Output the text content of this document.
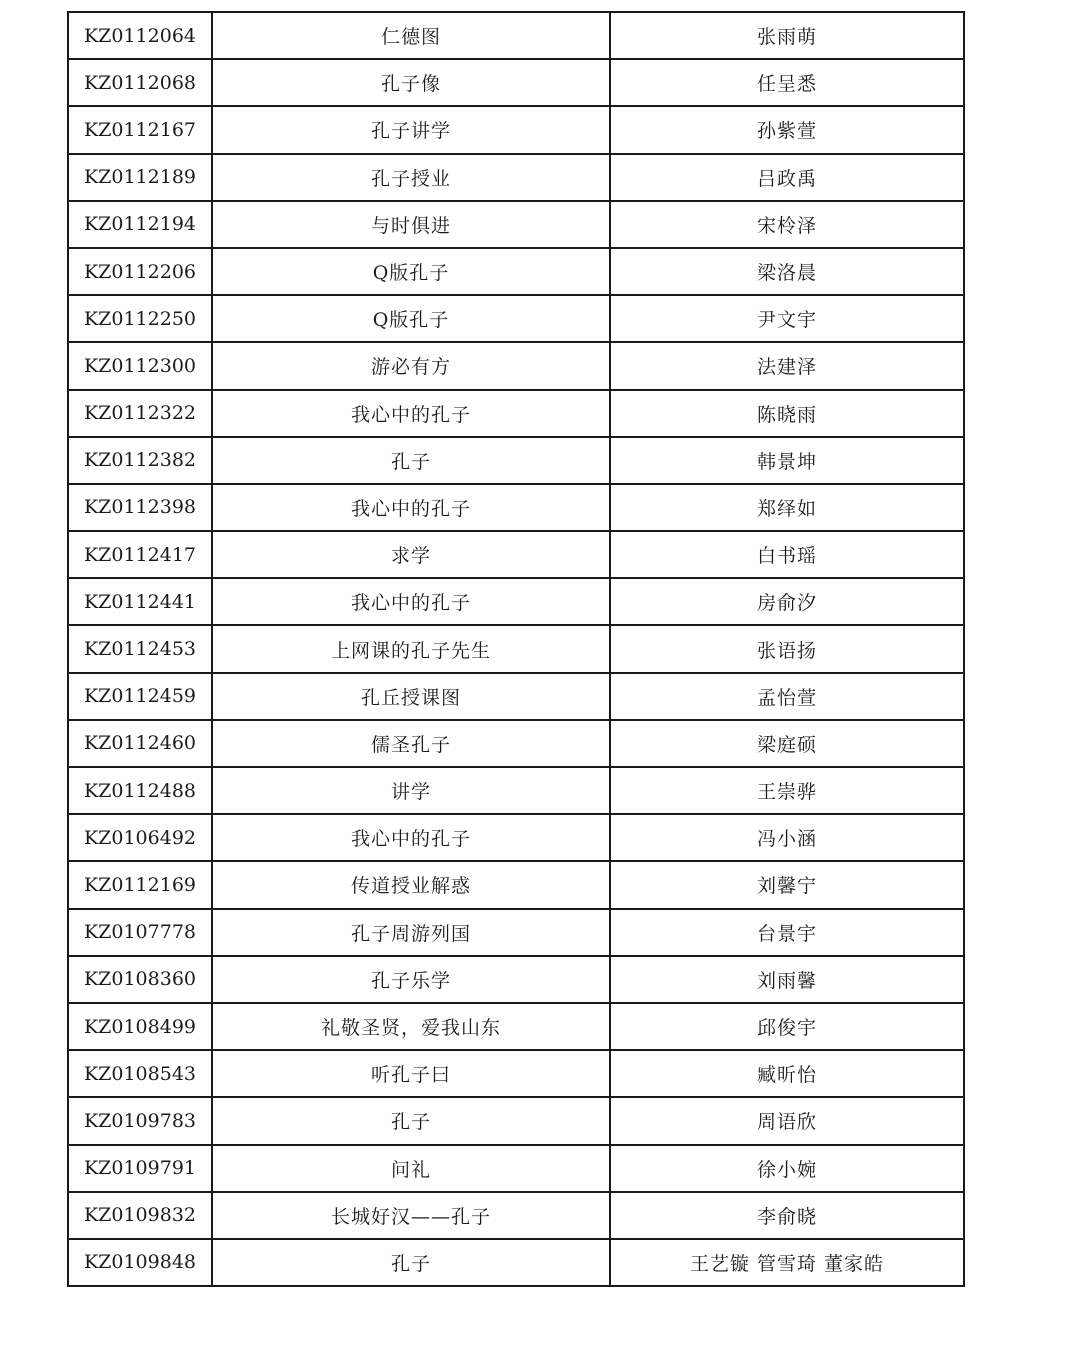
KZ0112064	仁德图	张雨萌
KZ0112068	孔子像	任呈悉
KZ0112167	孔子讲学	孙紫萱
KZ0112189	孔子授业	吕政禹
KZ0112194	与时俱进	宋柃泽
KZ0112206	Q版孔子	梁洛晨
KZ0112250	Q版孔子	尹文宇
KZ0112300	游必有方	法建泽
KZ0112322	我心中的孔子	陈晓雨
KZ0112382	孔子	韩景坤
KZ0112398	我心中的孔子	郑绎如
KZ0112417	求学	白书瑶
KZ0112441	我心中的孔子	房俞汐
KZ0112453	上网课的孔子先生	张语扬
KZ0112459	孔丘授课图	孟怡萱
KZ0112460	儒圣孔子	梁庭硕
KZ0112488	讲学	王崇骅
KZ0106492	我心中的孔子	冯小涵
KZ0112169	传道授业解惑	刘馨宁
KZ0107778	孔子周游列国	台景宇
KZ0108360	孔子乐学	刘雨馨
KZ0108499	礼敬圣贤，爱我山东	邱俊宇
KZ0108543	听孔子曰	臧昕怡
KZ0109783	孔子	周语欣
KZ0109791	问礼	徐小婉
KZ0109832	长城好汉——孔子	李俞晓
KZ0109848	孔子	王艺镟 管雪琦 董家皓
